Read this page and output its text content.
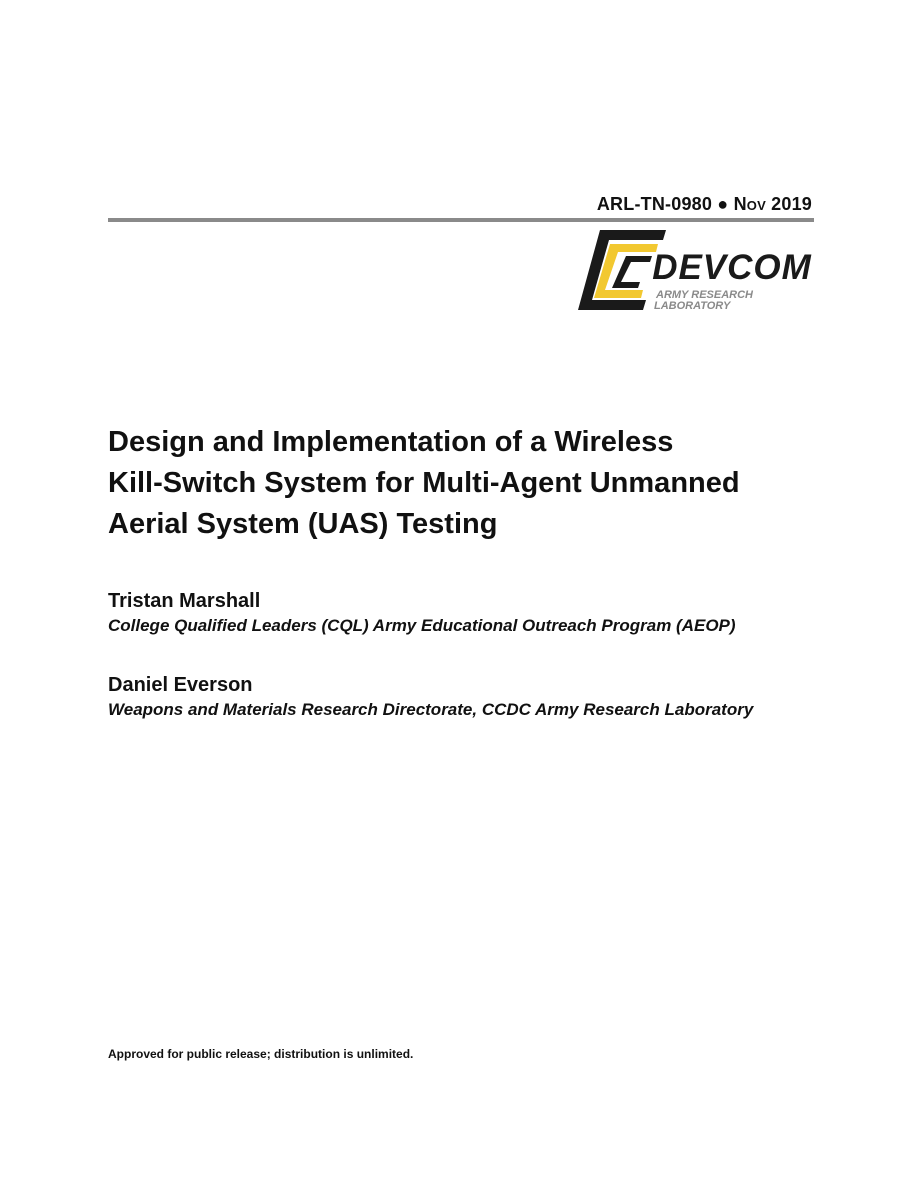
ARL-TN-0980 ● Nov 2019
DEVCOM
ARMY RESEARCH
LABORATORY
Design and Implementation of a Wireless
Kill-Switch System for Multi-Agent Unmanned
Aerial System (UAS) Testing
Tristan Marshall
College Qualified Leaders (CQL) Army Educational Outreach Program (AEOP)
Daniel Everson
Weapons and Materials Research Directorate, CCDC Army Research Laboratory
Approved for public release; distribution is unlimited.
